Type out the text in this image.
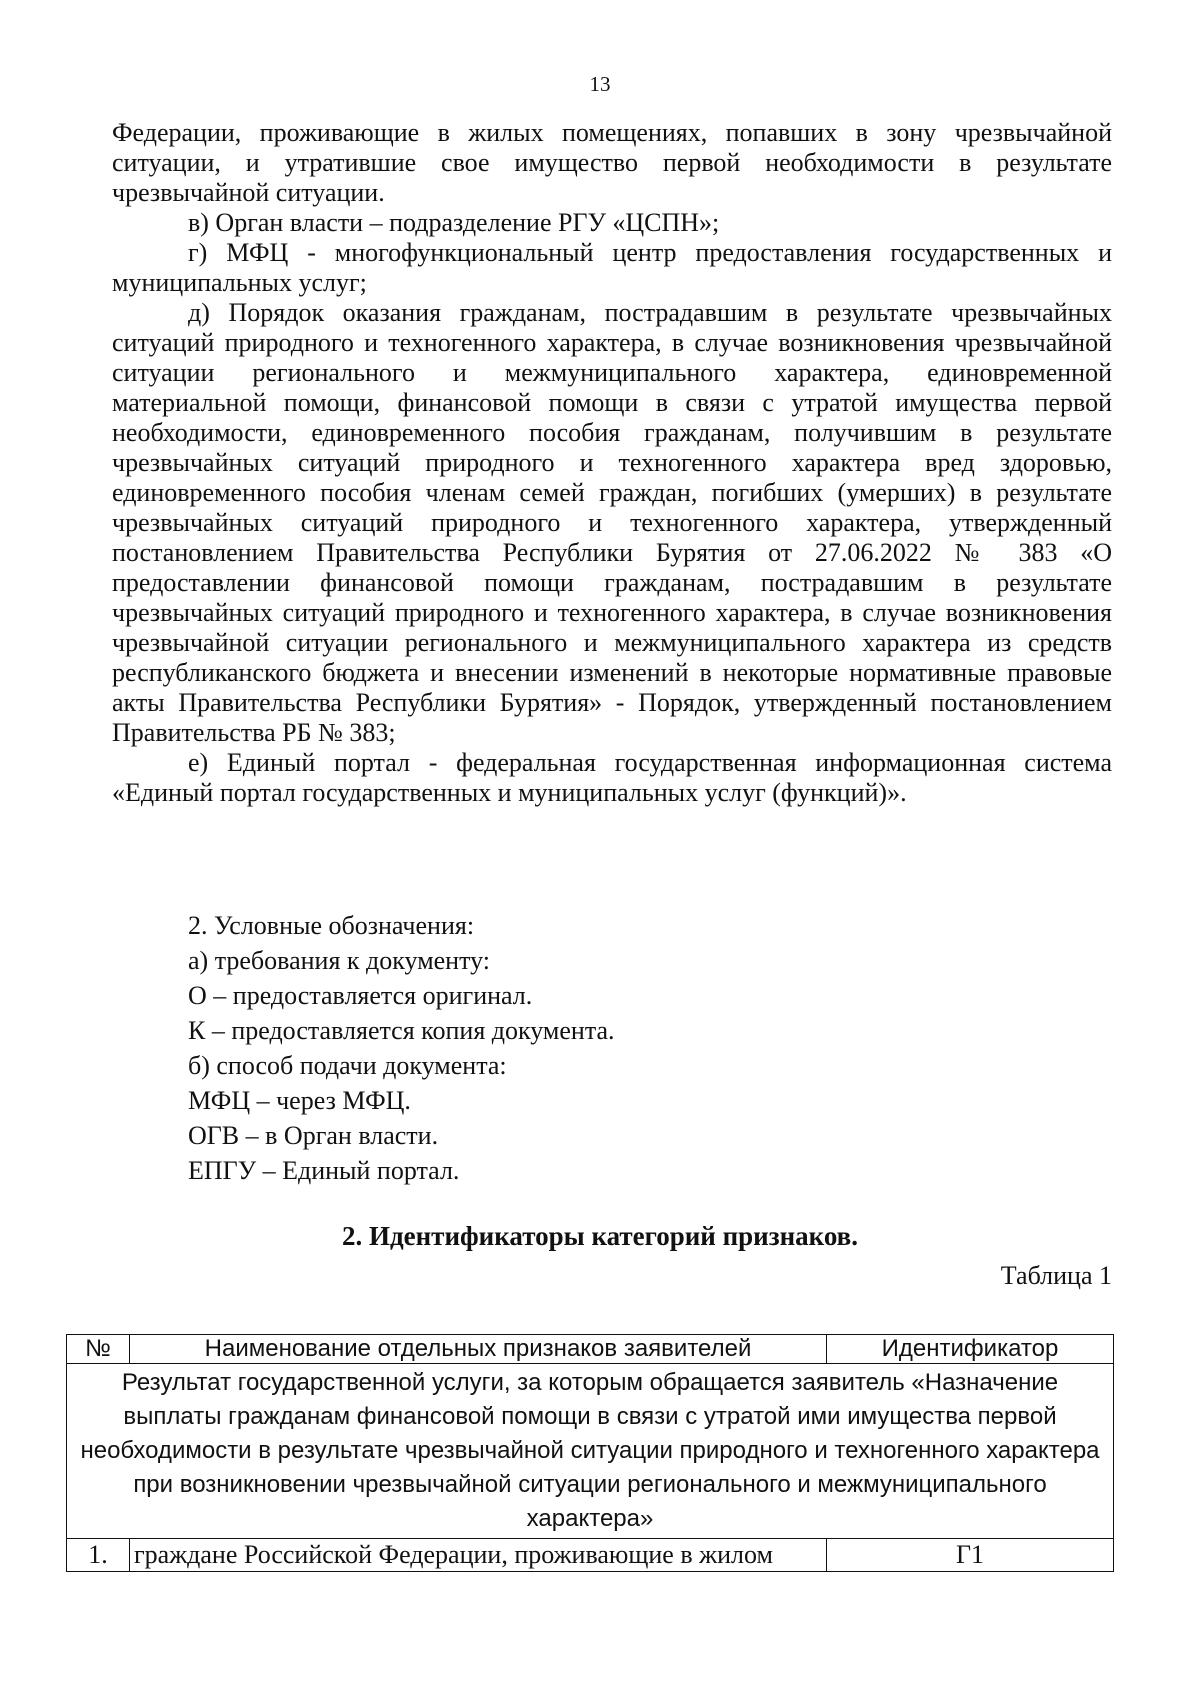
13

Федерации, проживающие в жилых помещениях, попавших в зону чрезвычайной ситуации, и утратившие свое имущество первой необходимости в результате чрезвычайной ситуации.

в) Орган власти – подразделение РГУ «ЦСПН»;

г) МФЦ - многофункциональный центр предоставления государственных и муниципальных услуг;

д) Порядок оказания гражданам, пострадавшим в результате чрезвычайных ситуаций природного и техногенного характера, в случае возникновения чрезвычайной ситуации регионального и межмуниципального характера, единовременной материальной помощи, финансовой помощи в связи с утратой имущества первой необходимости, единовременного пособия гражданам, получившим в результате чрезвычайных ситуаций природного и техногенного характера вред здоровью, единовременного пособия членам семей граждан, погибших (умерших) в результате чрезвычайных ситуаций природного и техногенного характера, утвержденный постановлением Правительства Республики Бурятия от 27.06.2022 № 383 «О предоставлении финансовой помощи гражданам, пострадавшим в результате чрезвычайных ситуаций природного и техногенного характера, в случае возникновения чрезвычайной ситуации регионального и межмуниципального характера из средств республиканского бюджета и внесении изменений в некоторые нормативные правовые акты Правительства Республики Бурятия» - Порядок, утвержденный постановлением Правительства РБ № 383;

е) Единый портал - федеральная государственная информационная система «Единый портал государственных и муниципальных услуг (функций)».

2. Условные обозначения:
а) требования к документу:
О – предоставляется оригинал.
К – предоставляется копия документа.
б) способ подачи документа:
МФЦ – через МФЦ.
ОГВ – в Орган власти.
ЕПГУ – Единый портал.
2. Идентификаторы категорий признаков.
Таблица 1
№	Наименование отдельных признаков заявителей	Идентификатор
Результат государственной услуги, за которым обращается заявитель «Назначение выплаты гражданам финансовой помощи в связи с утратой ими имущества первой необходимости в результате чрезвычайной ситуации природного и техногенного характера при возникновении чрезвычайной ситуации регионального и межмуниципального характера»		
1.	граждане Российской Федерации, проживающие в жилом	Г1
